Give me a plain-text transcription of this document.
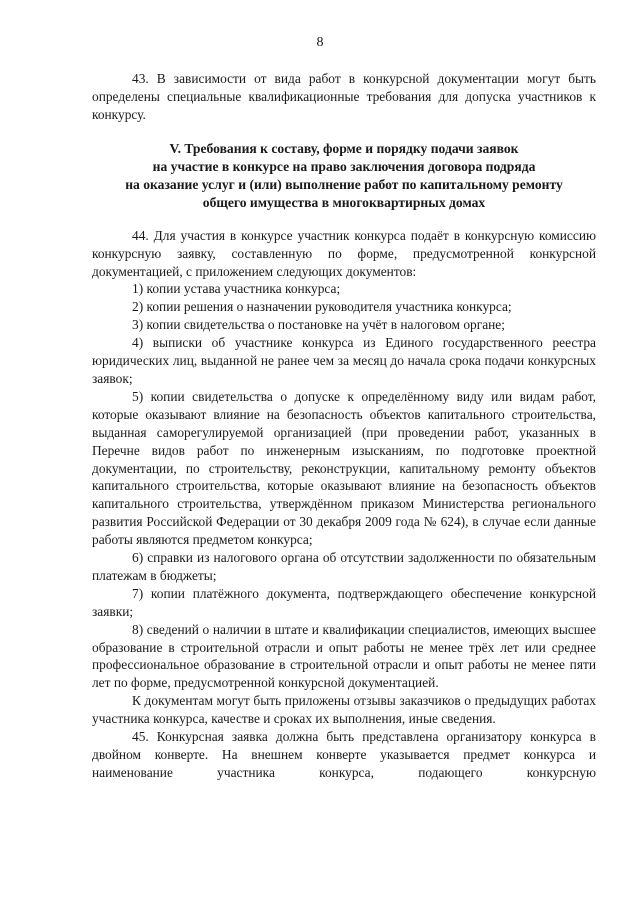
8

43. В зависимости от вида работ в конкурсной документации могут быть определены специальные квалификационные требования для допуска участников к конкурсу.

V. Требования к составу, форме и порядку подачи заявок
на участие в конкурсе на право заключения договора подряда
на оказание услуг и (или) выполнение работ по капитальному ремонту
общего имущества в многоквартирных домах

44. Для участия в конкурсе участник конкурса подаёт в конкурсную комиссию конкурсную заявку, составленную по форме, предусмотренной конкурсной документацией, с приложением следующих документов:

1) копии устава участника конкурса;

2) копии решения о назначении руководителя участника конкурса;

3) копии свидетельства о постановке на учёт в налоговом органе;

4) выписки об участнике конкурса из Единого государственного реестра юридических лиц, выданной не ранее чем за месяц до начала срока подачи конкурсных заявок;

5) копии свидетельства о допуске к определённому виду или видам работ, которые оказывают влияние на безопасность объектов капитального строительства, выданная саморегулируемой организацией (при проведении работ, указанных в Перечне видов работ по инженерным изысканиям, по подготовке проектной документации, по строительству, реконструкции, капитальному ремонту объектов капитального строительства, которые оказывают влияние на безопасность объектов капитального строительства, утверждённом приказом Министерства регионального развития Российской Федерации от 30 декабря 2009 года № 624), в случае если данные работы являются предметом конкурса;

6) справки из налогового органа об отсутствии задолженности по обязательным платежам в бюджеты;

7) копии платёжного документа, подтверждающего обеспечение конкурсной заявки;

8) сведений о наличии в штате и квалификации специалистов, имеющих высшее образование в строительной отрасли и опыт работы не менее трёх лет или среднее профессиональное образование в строительной отрасли и опыт работы не менее пяти лет по форме, предусмотренной конкурсной документацией.

К документам могут быть приложены отзывы заказчиков о предыдущих работах участника конкурса, качестве и сроках их выполнения, иные сведения.

45. Конкурсная заявка должна быть представлена организатору конкурса в двойном конверте. На внешнем конверте указывается предмет конкурса и наименование участника конкурса, подающего конкурсную
